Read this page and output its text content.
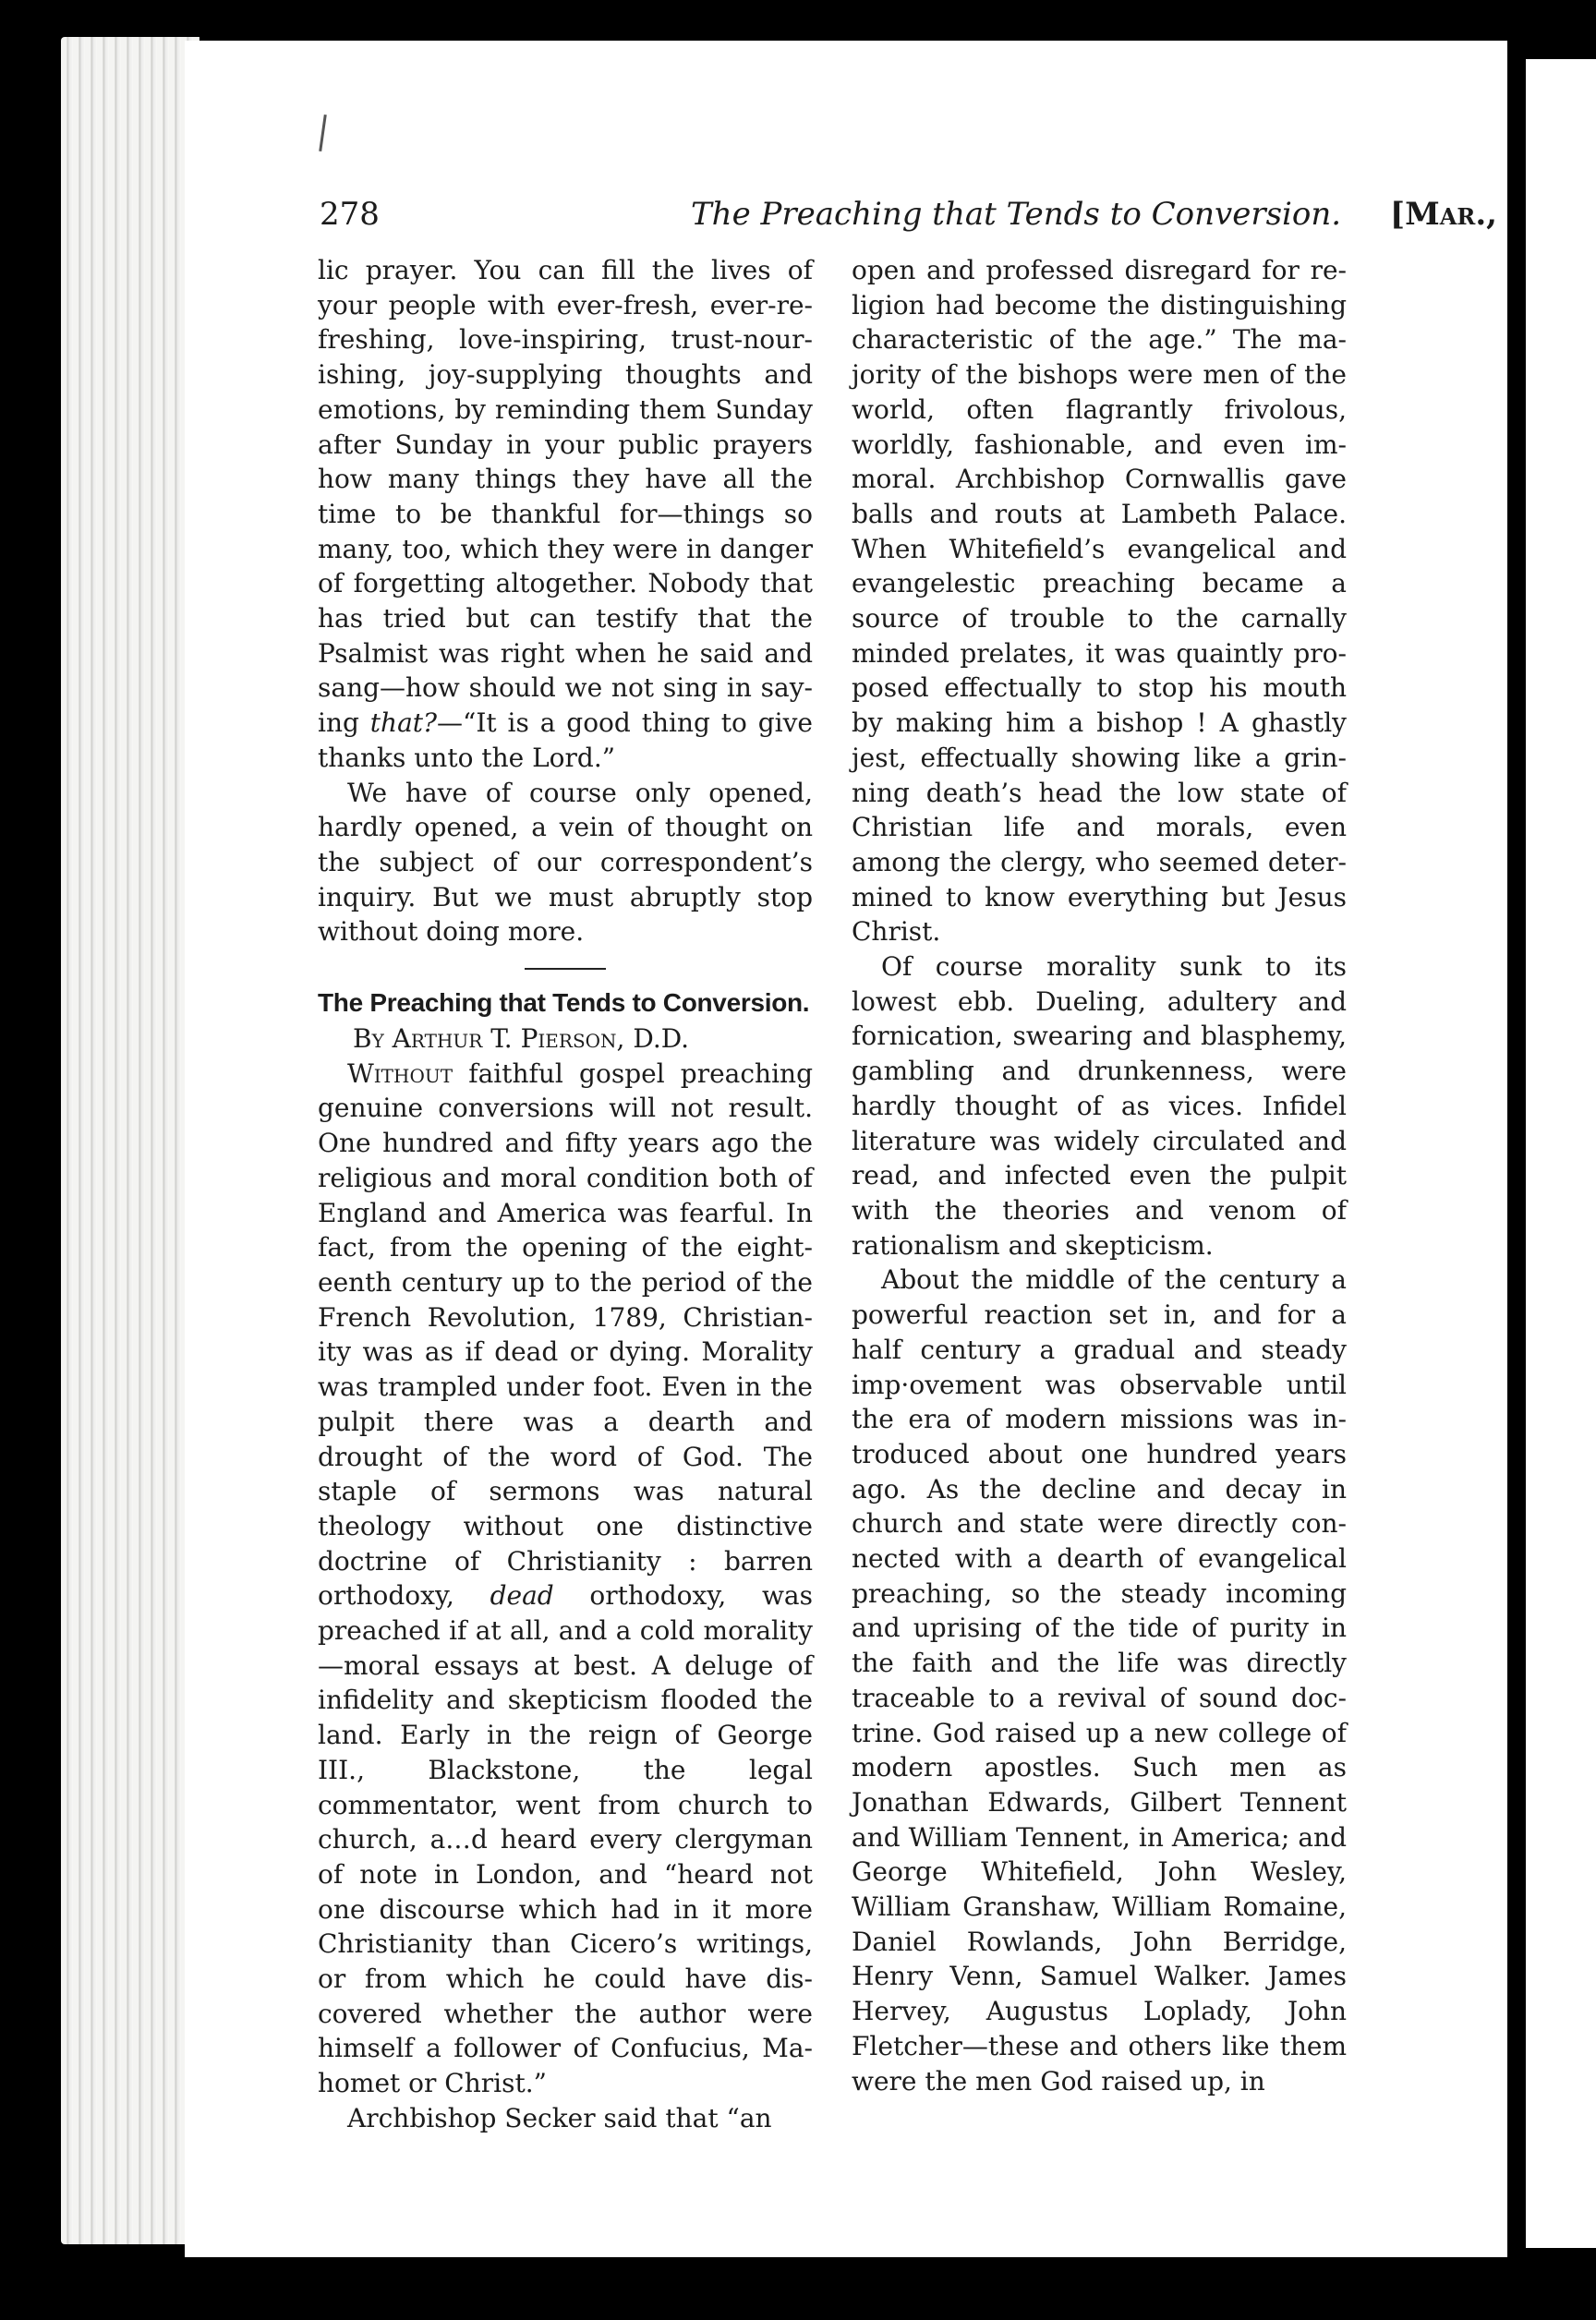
278	The Preaching that Tends to Conversion. [Mar.,

lic prayer. You can fill the lives of your people with ever-fresh, ever-refreshing, love-inspiring, trust-nourishing, joy-supplying thoughts and emotions, by reminding them Sunday after Sunday in your public prayers how many things they have all the time to be thankful for—things so many, too, which they were in danger of forgetting altogether. Nobody that has tried but can testify that the Psalmist was right when he said and sang—how should we not sing in saying that?—“It is a good thing to give thanks unto the Lord.”

We have of course only opened, hardly opened, a vein of thought on the subject of our correspondent’s inquiry. But we must abruptly stop without doing more.

The Preaching that Tends to Conversion.

By Arthur T. Pierson, D.D.

Without faithful gospel preaching genuine conversions will not result. One hundred and fifty years ago the religious and moral condition both of England and America was fearful. In fact, from the opening of the eighteenth century up to the period of the French Revolution, 1789, Christianity was as if dead or dying. Morality was trampled under foot. Even in the pulpit there was a dearth and drought of the word of God. The staple of sermons was natural theology without one distinctive doctrine of Christianity : barren orthodoxy, dead orthodoxy, was preached if at all, and a cold morality—moral essays at best. A deluge of infidelity and skepticism flooded the land. Early in the reign of George III., Blackstone, the legal commentator, went from church to church, a.‥d heard every clergyman of note in London, and “heard not one discourse which had in it more Christianity than Cicero’s writings, or from which he could have discovered whether the author were himself a follower of Confucius, Mahomet or Christ.”

Archbishop Secker said that “an

open and professed disregard for religion had become the distinguishing characteristic of the age.” The majority of the bishops were men of the world, often flagrantly frivolous, worldly, fashionable, and even immoral. Archbishop Cornwallis gave balls and routs at Lambeth Palace. When Whitefield’s evangelical and evangelestic preaching became a source of trouble to the carnally minded prelates, it was quaintly proposed effectually to stop his mouth by making him a bishop ! A ghastly jest, effectually showing like a grinning death’s head the low state of Christian life and morals, even among the clergy, who seemed determined to know everything but Jesus Christ.

Of course morality sunk to its lowest ebb. Dueling, adultery and fornication, swearing and blasphemy, gambling and drunkenness, were hardly thought of as vices. Infidel literature was wi‌dely circulated and read, and infected even the pulpit with the theories and venom of rationalism and skepticism.

About the middle of the century a powerful reaction set in, and for a half century a gradual and steady imp·ovement was observable until the era of modern missions was introduced about one hundred years ago. As the decline and decay in church and state were directly connected with a dearth of evangelical preaching, so the steady incoming and uprising of the tide of purity in the faith and the life was directly traceable to a revival of sound doctrine. God raised up a new college of modern apostles. Such men as Jonathan Edw‌ards, Gilbert Tennent and William Tennent, in America; and George Whitefield, John Wesley, William Granshaw, William Romaine, Daniel Rowlands, John Berridge, Henry Venn, Samuel Walker. James Hervey, Augustus Loplady, John Fletcher—these and others like them were the men God raised up, in
